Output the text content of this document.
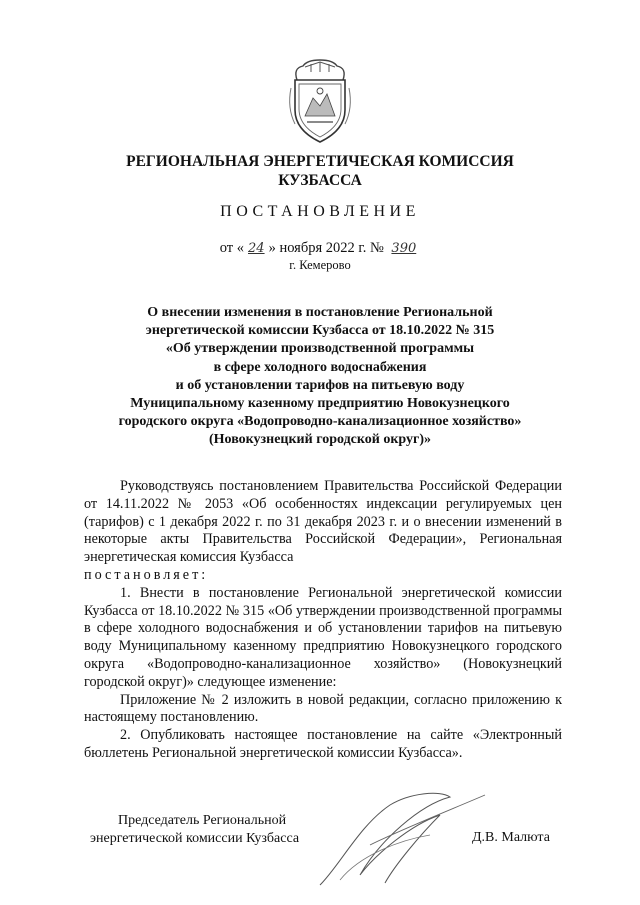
РЕГИОНАЛЬНАЯ ЭНЕРГЕТИЧЕСКАЯ КОМИССИЯ
КУЗБАССА
ПОСТАНОВЛЕНИЕ
от « 24 » ноября 2022 г. № 390
г. Кемерово
О внесении изменения в постановление Региональной
энергетической комиссии Кузбасса от 18.10.2022 № 315
«Об утверждении производственной программы
в сфере холодного водоснабжения
и об установлении тарифов на питьевую воду
Муниципальному казенному предприятию Новокузнецкого
городского округа «Водопроводно-канализационное хозяйство»
(Новокузнецкий городской округ)»

Руководствуясь постановлением Правительства Российской Федерации от 14.11.2022 № 2053 «Об особенностях индексации регулируемых цен (тарифов) с 1 декабря 2022 г. по 31 декабря 2023 г. и о внесении изменений в некоторые акты Правительства Российской Федерации», Региональная энергетическая комиссия Кузбасса

постановляет:

1. Внести в постановление Региональной энергетической комиссии Кузбасса от 18.10.2022 № 315 «Об утверждении производственной программы в сфере холодного водоснабжения и об установлении тарифов на питьевую воду Муниципальному казенному предприятию Новокузнецкого городского округа «Водопроводно-канализационное хозяйство» (Новокузнецкий городской округ)» следующее изменение:

Приложение № 2 изложить в новой редакции, согласно приложению к настоящему постановлению.

2. Опубликовать настоящее постановление на сайте «Электронный бюллетень Региональной энергетической комиссии Кузбасса».

Председатель Региональной
энергетической комиссии Кузбасса	Д.В. Малюта
